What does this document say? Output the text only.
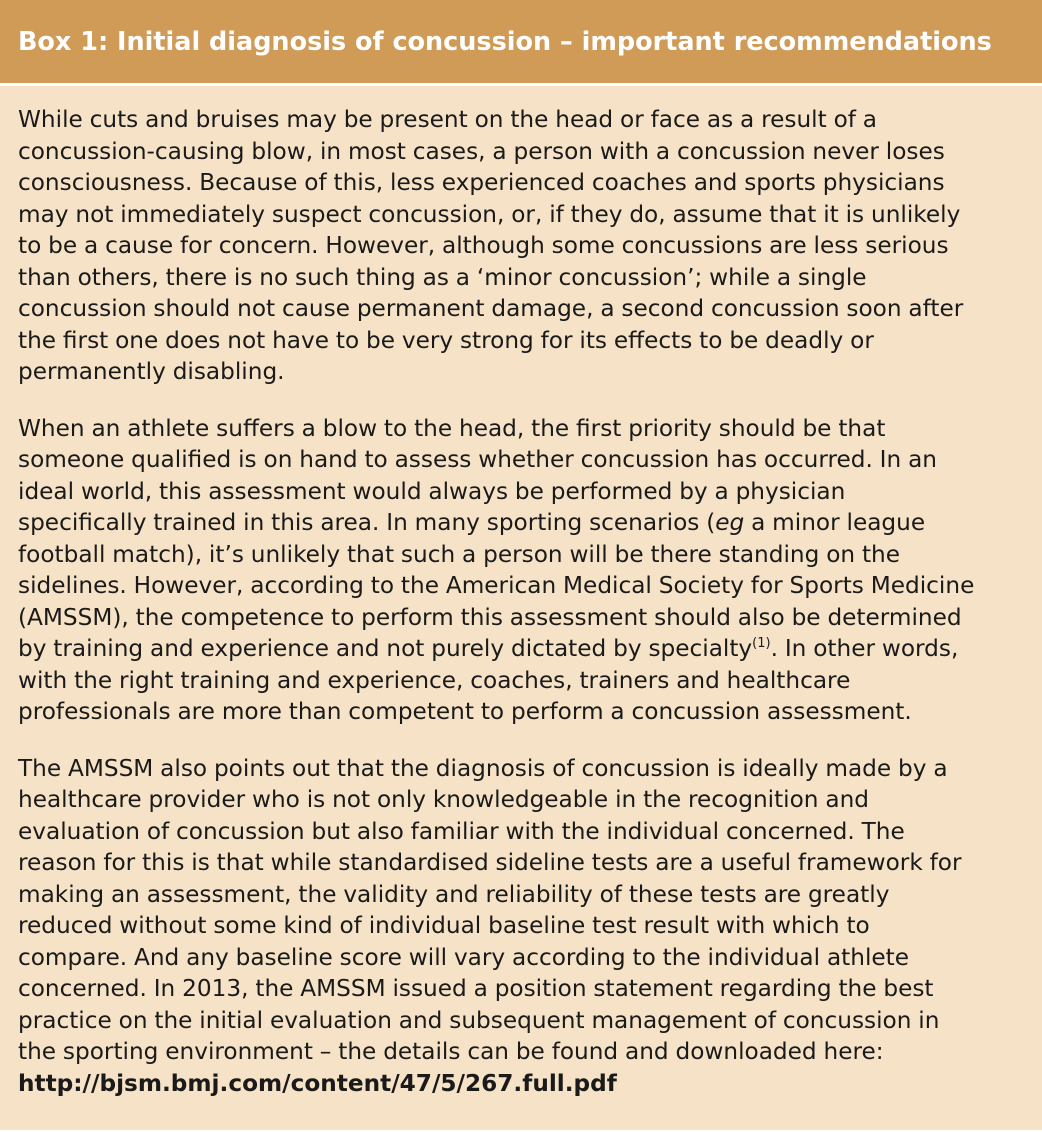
Box 1: Initial diagnosis of concussion – important recommendations
While cuts and bruises may be present on the head or face as a result of a
concussion-causing blow, in most cases, a person with a concussion never loses
consciousness. Because of this, less experienced coaches and sports physicians
may not immediately suspect concussion, or, if they do, assume that it is unlikely
to be a cause for concern. However, although some concussions are less serious
than others, there is no such thing as a ‘minor concussion’; while a single
concussion should not cause permanent damage, a second concussion soon after
the first one does not have to be very strong for its effects to be deadly or
permanently disabling.
When an athlete suffers a blow to the head, the first priority should be that
someone qualified is on hand to assess whether concussion has occurred. In an
ideal world, this assessment would always be performed by a physician
specifically trained in this area. In many sporting scenarios (eg a minor league
football match), it’s unlikely that such a person will be there standing on the
sidelines. However, according to the American Medical Society for Sports Medicine
(AMSSM), the competence to perform this assessment should also be determined
by training and experience and not purely dictated by specialty$^{(1)}$. In other words,
with the right training and experience, coaches, trainers and healthcare
professionals are more than competent to perform a concussion assessment.
The AMSSM also points out that the diagnosis of concussion is ideally made by a
healthcare provider who is not only knowledgeable in the recognition and
evaluation of concussion but also familiar with the individual concerned. The
reason for this is that while standardised sideline tests are a useful framework for
making an assessment, the validity and reliability of these tests are greatly
reduced without some kind of individual baseline test result with which to
compare. And any baseline score will vary according to the individual athlete
concerned. In 2013, the AMSSM issued a position statement regarding the best
practice on the initial evaluation and subsequent management of concussion in
the sporting environment – the details can be found and downloaded here:
http://bjsm.bmj.com/content/47/5/267.full.pdf
